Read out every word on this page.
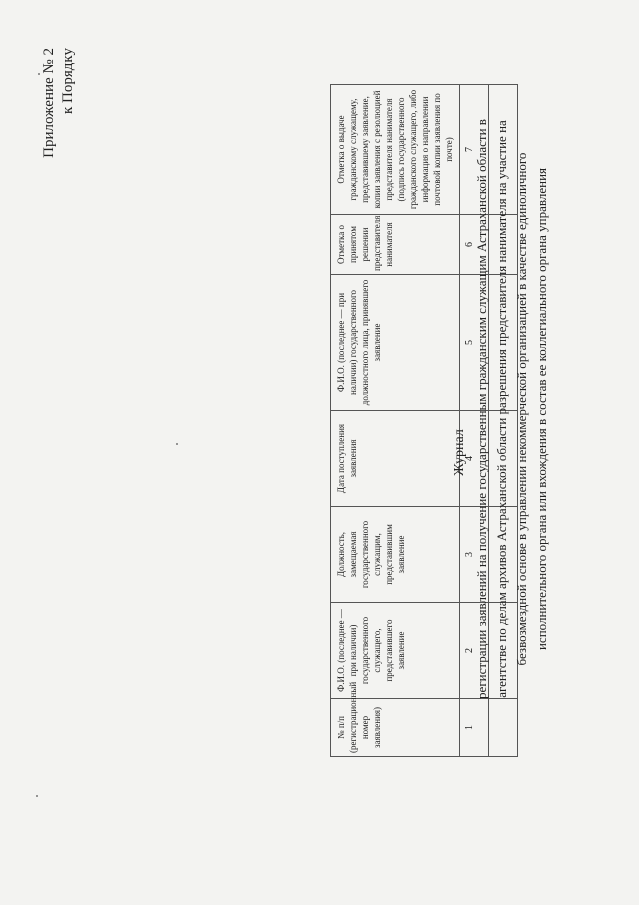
Приложение № 2 к Порядку
№ п/п (регистрационный номер заявления)	Ф.И.О. (последнее — при наличии) государственного служащего, представившего заявление	Должность, замещаемая государственного служащим, представившим заявление	Дата поступления заявления	Ф.И.О. (последнее — при наличии) государственного должностного лица, принявшего заявление	Отметка о принятом решении представителя нанимателя	Отметка о выдаче гражданскому служащему, представившему заявление, копии заявления с резолюцией представителя нанимателя (подпись государственного гражданского служащего, либо информация о направлении почтовой копии заявления по почте)
1	2	3	4	5	6	7

Журнал регистрации заявлений на получение государственным гражданским служащим Астраханской области в агентстве по делам архивов Астраханской области разрешения представителя нанимателя на участие на безвозмездной основе в управлении некоммерческой организацией в качестве единоличного исполнительного органа или вхождения в состав ее коллегиального органа управления
